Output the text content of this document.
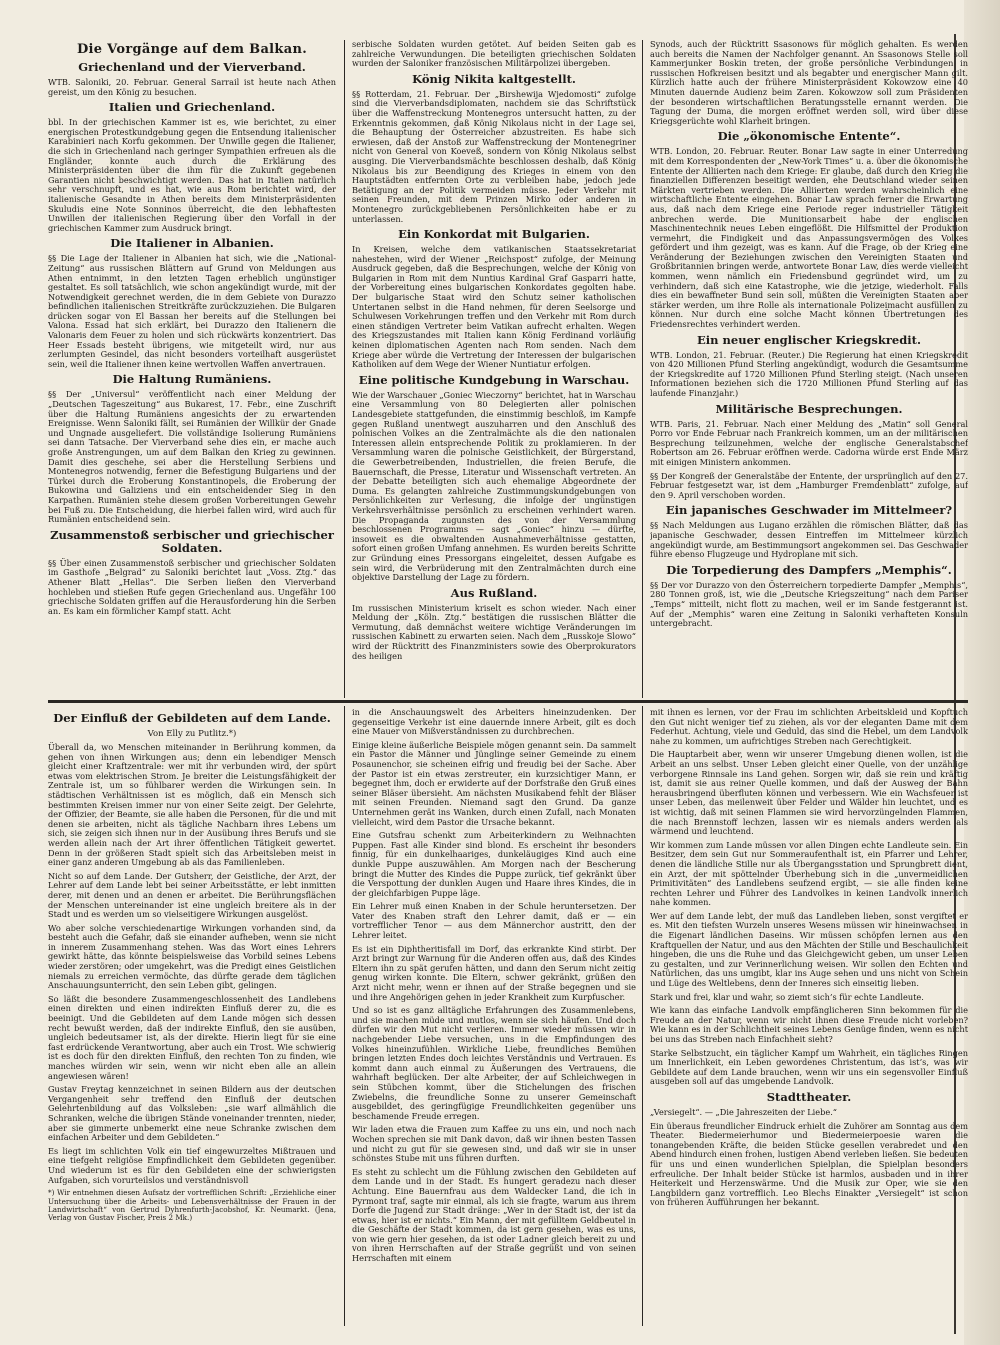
Die Vorgänge auf dem Balkan.
Griechenland und der Vierverband.

WTB. Saloniki, 20. Februar. General Sarrail ist heute nach Athen gereist, um den König zu besuchen.

Italien und Griechenland.

bbl. In der griechischen Kammer ist es, wie berichtet, zu einer energischen Protestkundgebung gegen die Entsendung italienischer Karabinieri nach Korfu gekommen. Der Unwille gegen die Italiener, die sich in Griechenland nach geringer Sympathien erfreuen als die Engländer, konnte auch durch die Erklärung des Ministerpräsidenten über die ihm für die Zukunft gegebenen Garantien nicht beschwichtigt werden. Das hat in Italien natürlich sehr verschnupft, und es hat, wie aus Rom berichtet wird, der italienische Gesandte in Athen bereits dem Ministerpräsidenten Skuludis eine Note Sonninos überreicht, die den lebhaftesten Unwillen der italienischen Regierung über den Vorfall in der griechischen Kammer zum Ausdruck bringt.

Die Italiener in Albanien.

§§ Die Lage der Italiener in Albanien hat sich, wie die „National-Zeitung“ aus russischen Blättern auf Grund von Meldungen aus Athen entnimmt, in den letzten Tagen erheblich ungünstiger gestaltet. Es soll tatsächlich, wie schon angekündigt wurde, mit der Notwendigkeit gerechnet werden, die in dem Gebiete von Durazzo befindlichen italienischen Streitkräfte zurückzuziehen. Die Bulgaren drücken sogar von El Bassan her bereits auf die Stellungen bei Valona. Essad hat sich erklärt, bei Durazzo den Italienern die Valonaris dem Feuer zu holen und sich rückwärts konzentriert. Das Heer Essads besteht übrigens, wie mitgeteilt wird, nur aus zerlumpten Gesindel, das nicht besonders vorteilhaft ausgerüstet sein, weil die Italiener ihnen keine wertvollen Waffen anvertrauen.

Die Haltung Rumäniens.

§§ Der „Universul“ veröffentlicht nach einer Meldung der „Deutschen Tageszeitung“ aus Bukarest, 17. Febr., eine Zuschrift über die Haltung Rumäniens angesichts der zu erwartenden Ereignisse. Wenn Saloniki fällt, sei Rumänien der Willkür der Gnade und Ungnade ausgeliefert. Die vollständige Isolierung Rumäniens sei dann Tatsache. Der Vierverband sehe dies ein, er mache auch große Anstrengungen, um auf dem Balkan den Krieg zu gewinnen. Damit dies geschehe, sei aber die Herstellung Serbiens und Montenegros notwendig, ferner die Befestigung Bulgariens und der Türkei durch die Eroberung Konstantinopels, die Eroberung der Bukowina und Galiziens und ein entscheidender Sieg in den Karpathen. Rumänien stehe diesem großen Vorbereitungen Gewehr bei Fuß zu. Die Entscheidung, die hierbei fallen wird, wird auch für Rumänien entscheidend sein.

Zusammenstoß serbischer und griechischer Soldaten.

§§ Über einen Zusammenstoß serbischer und griechischer Soldaten im Gasthofe „Belgrad“ zu Saloniki berichtet laut „Voss. Ztg.“ das Athener Blatt „Hellas“. Die Serben ließen den Vierverband hochleben und stießen Rufe gegen Griechenland aus. Ungefähr 100 griechische Soldaten griffen auf die Herausforderung hin die Serben an. Es kam ein förmlicher Kampf statt. Acht

serbische Soldaten wurden getötet. Auf beiden Seiten gab es zahlreiche Verwundungen. Die beteiligten griechischen Soldaten wurden der Saloniker französischen Militärpolizei übergeben.

König Nikita kaltgestellt.

§§ Rotterdam, 21. Februar. Der „Birshewija Wjedomosti“ zufolge sind die Vierverbandsdiplomaten, nachdem sie das Schriftstück über die Waffenstreckung Montenegros untersucht hatten, zu der Erkenntnis gekommen, daß König Nikolaus nicht in der Lage sei, die Behauptung der Österreicher abzustreiten. Es habe sich erwiesen, daß der Anstoß zur Waffenstreckung der Montenegriner nicht von General von Koeveß, sondern von König Nikolaus selbst ausging. Die Vierverbandsmächte beschlossen deshalb, daß König Nikolaus bis zur Beendigung des Krieges in einem von den Hauptstädten entfernten Orte zu verbleiben habe, jedoch jede Betätigung an der Politik vermeiden müsse. Jeder Verkehr mit seinen Freunden, mit dem Prinzen Mirko oder anderen in Montenegro zurückgebliebenen Persönlichkeiten habe er zu unterlassen.

Ein Konkordat mit Bulgarien.

In Kreisen, welche dem vatikanischen Staatssekretariat nahestehen, wird der Wiener „Reichspost“ zufolge, der Meinung Ausdruck gegeben, daß die Besprechungen, welche der König von Bulgarien in Rom mit dem Nuntius Kardinal Graf Gasparri hatte, der Vorbereitung eines bulgarischen Konkordates gegolten habe. Der bulgarische Staat wird den Schutz seiner katholischen Untertanen selbst in die Hand nehmen, für deren Seelsorge und Schulwesen Vorkehrungen treffen und den Verkehr mit Rom durch einen ständigen Vertreter beim Vatikan aufrecht erhalten. Wegen des Kriegszustandes mit Italien kann König Ferdinand vorläufig keinen diplomatischen Agenten nach Rom senden. Nach dem Kriege aber würde die Vertretung der Interessen der bulgarischen Katholiken auf dem Wege der Wiener Nuntiatur erfolgen.

Eine politische Kundgebung in Warschau.

Wie der Warschauer „Goniec Wieczorny“ berichtet, hat in Warschau eine Versammlung von 80 Delegierten aller polnischen Landesgebiete stattgefunden, die einstimmig beschloß, im Kampfe gegen Rußland unentwegt auszuharren und den Anschluß des polnischen Volkes an die Zentralmächte als die den nationalen Interessen allein entsprechende Politik zu proklamieren. In der Versammlung waren die polnische Geistlichkeit, der Bürgerstand, die Gewerbetreibenden, Industriellen, die freien Berufe, die Bauernschaft, die Presse, Literatur und Wissenschaft vertreten. An der Debatte beteiligten sich auch ehemalige Abgeordnete der Duma. Es gelangten zahlreiche Zustimmungskundgebungen von Persönlichkeiten zur Verlesung, die infolge der ungünstigen Verkehrsverhältnisse persönlich zu erscheinen verhindert waren. Die Propaganda zugunsten des von der Versammlung beschlossenen Programms — sagt „Goniec“ hinzu — dürfte, insoweit es die obwaltenden Ausnahmeverhältnisse gestatten, sofort einen großen Umfang annehmen. Es wurden bereits Schritte zur Gründung eines Pressorgans eingeleitet, dessen Aufgabe es sein wird, die Verbrüderung mit den Zentralmächten durch eine objektive Darstellung der Lage zu fördern.

Aus Rußland.

Im russischen Ministerium kriselt es schon wieder. Nach einer Meldung der „Köln. Ztg.“ bestätigen die russischen Blätter die Vermutung, daß demnächst weitere wichtige Veränderungen im russischen Kabinett zu erwarten seien. Nach dem „Russkoje Slowo“ wird der Rücktritt des Finanzministers sowie des Oberprokurators des heiligen

Synods, auch der Rücktritt Ssasonows für möglich gehalten. Es werden auch bereits die Namen der Nachfolger genannt. An Ssasonows Stelle soll Kammerjunker Boskin treten, der große persönliche Verbindungen in russischen Hofkreisen besitzt und als begabter und energischer Mann gilt. Kürzlich hatte auch der frühere Ministerpräsident Kokowzow eine 40 Minuten dauernde Audienz beim Zaren. Kokowzow soll zum Präsidenten der besonderen wirtschaftlichen Beratungsstelle ernannt werden. Die Tagung der Duma, die morgen eröffnet werden soll, wird über diese Kriegsgerüchte wohl Klarheit bringen.

Die „ökonomische Entente“.

WTB. London, 20. Februar. Reuter. Bonar Law sagte in einer Unterredung mit dem Korrespondenten der „New-York Times“ u. a. über die ökonomische Entente der Alliierten nach dem Kriege: Er glaube, daß durch den Krieg die finanziellen Differenzen beseitigt werden, ehe Deutschland wieder seinen Märkten vertrieben werden. Die Alliierten werden wahrscheinlich eine wirtschaftliche Entente eingehen. Bonar Law sprach ferner die Erwartung aus, daß nach dem Kriege eine Periode reger industrieller Tätigkeit anbrechen werde. Die Munitionsarbeit habe der englischen Maschinentechnik neues Leben eingeflößt. Die Hilfsmittel der Produktion vermehrt, die Findigkeit und das Anpassungsvermögen des Volkes gefördert und ihm gezeigt, was es kann. Auf die Frage, ob der Krieg eine Veränderung der Beziehungen zwischen den Vereinigten Staaten und Großbritannien bringen werde, antwortete Bonar Law, dies werde vielleicht kommen, wenn nämlich ein Friedensbund gegründet wird, um zu verhindern, daß sich eine Katastrophe, wie die jetzige, wiederholt. Falls dies ein bewaffneter Bund sein soll, müßten die Vereinigten Staaten aber stärker werden, um ihre Rolle als internationale Polizeimacht ausfüllen zu können. Nur durch eine solche Macht können Übertretungen des Friedensrechtes verhindert werden.

Ein neuer englischer Kriegskredit.

WTB. London, 21. Februar. (Reuter.) Die Regierung hat einen Kriegskredit von 420 Millionen Pfund Sterling angekündigt, wodurch die Gesamtsumme der Kriegskredite auf 1720 Millionen Pfund Sterling steigt. (Nach unseren Informationen beziehen sich die 1720 Millionen Pfund Sterling auf das laufende Finanzjahr.)

Militärische Besprechungen.

WTB. Paris, 21. Februar. Nach einer Meldung des „Matin“ soll General Porro vor Ende Februar nach Frankreich kommen, um an der militärischen Besprechung teilzunehmen, welche der englische Generalstabschef Robertson am 26. Februar eröffnen werde. Cadorna würde erst Ende März mit einigen Ministern ankommen.

§§ Der Kongreß der Generalstäbe der Entente, der ursprünglich auf den 27. Februar festgesetzt war, ist dem „Hamburger Fremdenblatt“ zufolge, auf den 9. April verschoben worden.

Ein japanisches Geschwader im Mittelmeer?

§§ Nach Meldungen aus Lugano erzählen die römischen Blätter, daß das japanische Geschwader, dessen Eintreffen im Mittelmeer kürzlich angekündigt wurde, am Bestimmungsort angekommen sei. Das Geschwader führe ebenso Flugzeuge und Hydroplane mit sich.

Die Torpedierung des Dampfers „Memphis“.

§§ Der vor Durazzo von den Österreichern torpedierte Dampfer „Memphis“, 280 Tonnen groß, ist, wie die „Deutsche Kriegszeitung“ nach dem Pariser „Temps“ mitteilt, nicht flott zu machen, weil er im Sande festgerannt ist. Auf der „Memphis“ waren eine Zeitung in Saloniki verhafteten Konsuln untergebracht.

Der Einfluß der Gebildeten auf dem Lande.
Von Elly zu Putlitz.*)

Überall da, wo Menschen miteinander in Berührung kommen, da gehen von ihnen Wirkungen aus; denn ein lebendiger Mensch gleicht einer Kraftzentrale: wer mit ihr verbunden wird, der spürt etwas vom elektrischen Strom. Je breiter die Leistungsfähigkeit der Zentrale ist, um so fühlbarer werden die Wirkungen sein. In städtischen Verhältnissen ist es möglich, daß ein Mensch sich bestimmten Kreisen immer nur von einer Seite zeigt. Der Gelehrte, der Offizier, der Beamte, sie alle haben die Personen, für die und mit denen sie arbeiten, nicht als tägliche Nachbarn ihres Lebens um sich, sie zeigen sich ihnen nur in der Ausübung ihres Berufs und sie werden allein nach der Art ihrer öffentlichen Tätigkeit gewertet. Denn in der größeren Stadt spielt sich das Arbeitsleben meist in einer ganz anderen Umgebung ab als das Familienleben.

Nicht so auf dem Lande. Der Gutsherr, der Geistliche, der Arzt, der Lehrer auf dem Lande lebt bei seiner Arbeitsstätte, er lebt inmitten derer, mit denen und an denen er arbeitet. Die Berührungsflächen der Menschen untereinander ist eine ungleich breitere als in der Stadt und es werden um so vielseitigere Wirkungen ausgelöst.

Wo aber solche verschiedenartige Wirkungen vorhanden sind, da besteht auch die Gefahr, daß sie einander aufheben, wenn sie nicht in innerem Zusammenhang stehen. Was das Wort eines Lehrers gewirkt hätte, das könnte beispielsweise das Vorbild seines Lebens wieder zerstören; oder umgekehrt, was die Predigt eines Geistlichen niemals zu erreichen vermöchte, das dürfte gerade dem täglichen Anschauungsunterricht, den sein Leben gibt, gelingen.

So läßt die besondere Zusammengeschlossenheit des Landlebens einen direkten und einen indirekten Einfluß derer zu, die es beeinigt. Und die Gebildeten auf dem Lande mögen sich dessen recht bewußt werden, daß der indirekte Einfluß, den sie ausüben, ungleich bedeutsamer ist, als der direkte. Hierin liegt für sie eine fast erdrückende Verantwortung, aber auch ein Trost. Wie schwierig ist es doch für den direkten Einfluß, den rechten Ton zu finden, wie manches würden wir sein, wenn wir nicht eben alle an allein angewiesen wären!

Gustav Freytag kennzeichnet in seinen Bildern aus der deutschen Vergangenheit sehr treffend den Einfluß der deutschen Gelehrtenbildung auf das Volksleben: „sie warf allmählich die Schranken, welche die übrigen Stände voneinander trennten, nieder, aber sie gimmerte unbemerkt eine neue Schranke zwischen dem einfachen Arbeiter und dem Gebildeten.“

Es liegt im schlichten Volk ein tief eingewurzeltes Mißtrauen und eine tiefgeht religiöse Empfindlichkeit dem Gebildeten gegenüber. Und wiederum ist es für den Gebildeten eine der schwierigsten Aufgaben, sich vorurteilslos und verständnisvoll

*) Wir entnehmen diesen Aufsatz der vortrefflichen Schrift: „Erziehliche einer Untersuchung über die Arbeits- und Lebensverhältnisse der Frauen in der Landwirtschaft“ von Gertrud Dyhrenfurth-Jacobshof, Kr. Neumarkt. (Jena, Verlag von Gustav Fischer, Preis 2 Mk.)

in die Anschauungswelt des Arbeiters hineinzudenken. Der gegenseitige Verkehr ist eine dauernde innere Arbeit, gilt es doch eine Mauer von Mißverständnissen zu durchbrechen.

Einige kleine äußerliche Beispiele mögen genannt sein. Da sammelt ein Pastor die Männer und Jünglinge seiner Gemeinde zu einem Posaunenchor, sie scheinen eifrig und freudig bei der Sache. Aber der Pastor ist ein etwas zerstreuter, ein kurzsichtiger Mann, er begegnet ihm, doch er erwiderte auf der Dorfstraße den Gruß eines seiner Bläser übersieht. Am nächsten Musikabend fehlt der Bläser mit seinen Freunden. Niemand sagt den Grund. Da ganze Unternehmen gerät ins Wanken, durch einen Zufall, nach Monaten vielleicht, wird dem Pastor die Ursache bekannt.

Eine Gutsfrau schenkt zum Arbeiterkindern zu Weihnachten Puppen. Fast alle Kinder sind blond. Es erscheint ihr besonders finnig, für ein dunkelhaariges, dunkeläugiges Kind auch eine dunkle Puppe auszuwählen. Am Morgen nach der Bescherung bringt die Mutter des Kindes die Puppe zurück, tief gekränkt über die Verspottung der dunklen Augen und Haare ihres Kindes, die in der gleichfarbigen Puppe läge.

Ein Lehrer muß einen Knaben in der Schule heruntersetzen. Der Vater des Knaben straft den Lehrer damit, daß er — ein vortrefflicher Tenor — aus dem Männerchor austritt, den der Lehrer leitet.

Es ist ein Diphtheritisfall im Dorf, das erkrankte Kind stirbt. Der Arzt bringt zur Warnung für die Anderen offen aus, daß des Kindes Eltern ihn zu spät gerufen hätten, und dann den Serum nicht zeitig genug wirken konnte. Die Eltern, schwer gekränkt, grüßen den Arzt nicht mehr, wenn er ihnen auf der Straße begegnen und sie und ihre Angehörigen gehen in jeder Krankheit zum Kurpfuscher.

Und so ist es ganz alltägliche Erfahrungen des Zusammenlebens, und sie machen müde und mutlos, wenn sie sich häufen. Und doch dürfen wir den Mut nicht verlieren. Immer wieder müssen wir in nachgebender Liebe versuchen, uns in die Empfindungen des Volkes hineinzufühlen. Wirkliche Liebe, freundliches Bemühen bringen letzten Endes doch leichtes Verständnis und Vertrauen. Es kommt dann auch einmal zu Äußerungen des Vertrauens, die wahrhaft beglücken. Der alte Arbeiter, der auf Schleichwegen in sein Stübchen kommt, über die Stichelungen des frischen Zwiebelns, die freundliche Sonne zu unserer Gemeinschaft ausgebildet, des geringfügige Freundlichkeiten gegenüber uns beschamende Freude erregen.

Wir laden etwa die Frauen zum Kaffee zu uns ein, und noch nach Wochen sprechen sie mit Dank davon, daß wir ihnen besten Tassen und nicht zu gut für sie gewesen sind, und daß wir sie in unser schönstes Stube mit uns führen durften.

Es steht zu schlecht um die Fühlung zwischen den Gebildeten auf dem Lande und in der Stadt. Es hungert geradezu nach dieser Achtung. Eine Bauernfrau aus dem Waldecker Land, die ich in Pyrmont traf, sagte mir einmal, als ich sie fragte, warum aus ihrem Dorfe die Jugend zur Stadt dränge: „Wer in der Stadt ist, der ist da etwas, hier ist er nichts.“ Ein Mann, der mit gefülltem Geldbeutel in die Geschäfte der Stadt kommen, da ist gern gesehen, was es uns, von wie gern hier gesehen, da ist oder Ladner gleich bereit zu und von ihren Herrschaften auf der Straße gegrüßt und von seinen Herrschaften mit einem

mit ihnen es lernen, vor der Frau im schlichten Arbeitskleid und Kopftuch den Gut nicht weniger tief zu ziehen, als vor der eleganten Dame mit dem Federhut. Achtung, viele und Geduld, das sind die Hebel, um dem Landvolk nahe zu kommen, um aufrichtiges Streben nach Gerechtigkeit.

Die Hauptarbeit aber, wenn wir unserer Umgebung dienen wollen, ist die Arbeit an uns selbst. Unser Leben gleicht einer Quelle, von der unzählige verborgene Rinnsale ins Land gehen. Sorgen wir, daß sie rein und kräftig ist, damit sie aus reiner Quelle kommen, und daß der Ausweg der Bahn herausbringend überfluten können und verbessern. Wie ein Wachsfeuer ist unser Leben, das meilenweit über Felder und Wälder hin leuchtet, und es ist wichtig, daß mit seinen Flammen sie wird hervorzüngelnden Flammen, die nach Brennstoff lechzen, lassen wir es niemals anders werden als wärmend und leuchtend.

Wir kommen zum Lande müssen vor allen Dingen echte Landleute sein. Ein Besitzer, dem sein Gut nur Sommeraufenthalt ist, ein Pfarrer und Lehrer, denen die ländliche Stille nur als Übergangsstation und Sprungbrett dient, ein Arzt, der mit spöttelnder Überhebung sich in die „unvermeidlichen Primitivitäten“ des Landlebens seufzend ergibt, — sie alle finden keine rechten Lehrer und Führer des Landvolkes in keinen Landvolk innerlich nahe kommen.

Wer auf dem Lande lebt, der muß das Landleben lieben, sonst vergiftet er es. Mit den tiefsten Wurzeln unseres Wesens müssen wir hineinwachsen in die Eigenart ländlichen Daseins. Wir müssen schöpfen lernen aus den Kraftquellen der Natur, und aus den Mächten der Stille und Beschaulichkeit hingeben, die uns die Ruhe und das Gleichgewicht geben, um unser Leben zu gestalten, und zur Verinnerlichung weisen. Wir sollen den Echten und Natürlichen, das uns umgibt, klar ins Auge sehen und uns nicht von Schein und Lüge des Weltlebens, denn der Inneres sich einseitig lieben.

Stark und frei, klar und wahr, so ziemt sich’s für echte Landleute.

Wie kann das einfache Landvolk empfänglicheren Sinn bekommen für die Freude an der Natur, wenn wir nicht ihnen diese Freude nicht vorleben? Wie kann es in der Schlichtheit seines Lebens Genüge finden, wenn es nicht bei uns das Streben nach Einfachheit sieht?

Starke Selbstzucht, ein täglicher Kampf um Wahrheit, ein tägliches Ringen um Innerlichkeit, ein Leben gewordenes Christentum, das ist’s, was wir Gebildete auf dem Lande brauchen, wenn wir uns ein segensvoller Einfluß ausgeben soll auf das umgebende Landvolk.

Stadttheater.

„Versiegelt“. — „Die Jahreszeiten der Liebe.“

Ein überaus freundlicher Eindruck erhielt die Zuhörer am Sonntag aus dem Theater. Biedermeierhumor und Biedermeierpoesie waren die tonangebenden Kräfte, die beiden Stücke gesellen verabredet und den Abend hindurch einen frohen, lustigen Abend verleben ließen. Sie bedeuten für uns und einen wunderlichen Spielplan, die Spielplan besonders erfreuliche. Der Inhalt beider Stücke ist harmlos, ausbaden und in ihrer Heiterkeit und Herzenswärme. Und die Musik zur Oper, wie sie den Langbildern ganz vortrefflich. Leo Blechs Einakter „Versiegelt“ ist schon von früheren Aufführungen her bekannt.
